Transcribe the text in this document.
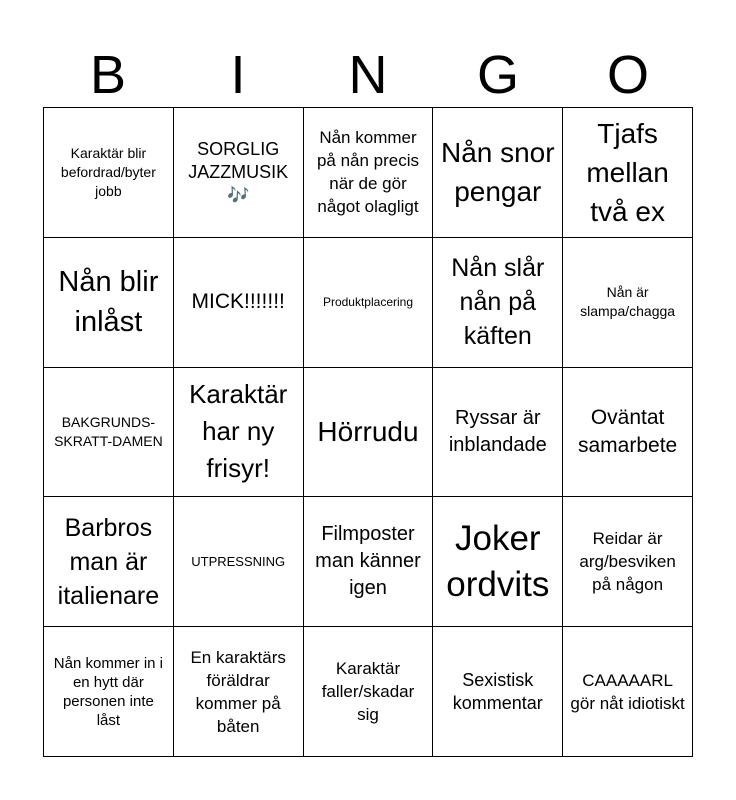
B	I	N	G	O
Karaktär blir befordrad/byter jobb
SORGLIG JAZZMUSIK 🎶
Nån kommer på nån precis när de gör något olagligt
Nån snor pengar
Tjafs mellan två ex
Nån blir inlåst
MICK!!!!!!!	Produktplacering
Nån slår nån på käften
Nån är slampa/chagga
BAKGRUNDS-SKRATT-DAMEN
Karaktär har ny frisyr!
Hörrudu	Ryssar är inblandade
Oväntat samarbete
Barbros man är italienare
UTPRESSNING
Filmposter man känner igen
Joker ordvits
Reidar är arg/besviken på någon
Nån kommer in i en hytt där personen inte låst
En karaktärs föräldrar kommer på båten
Karaktär faller/skadar sig
Sexistisk kommentar
CAAAAARL gör nåt idiotiskt
